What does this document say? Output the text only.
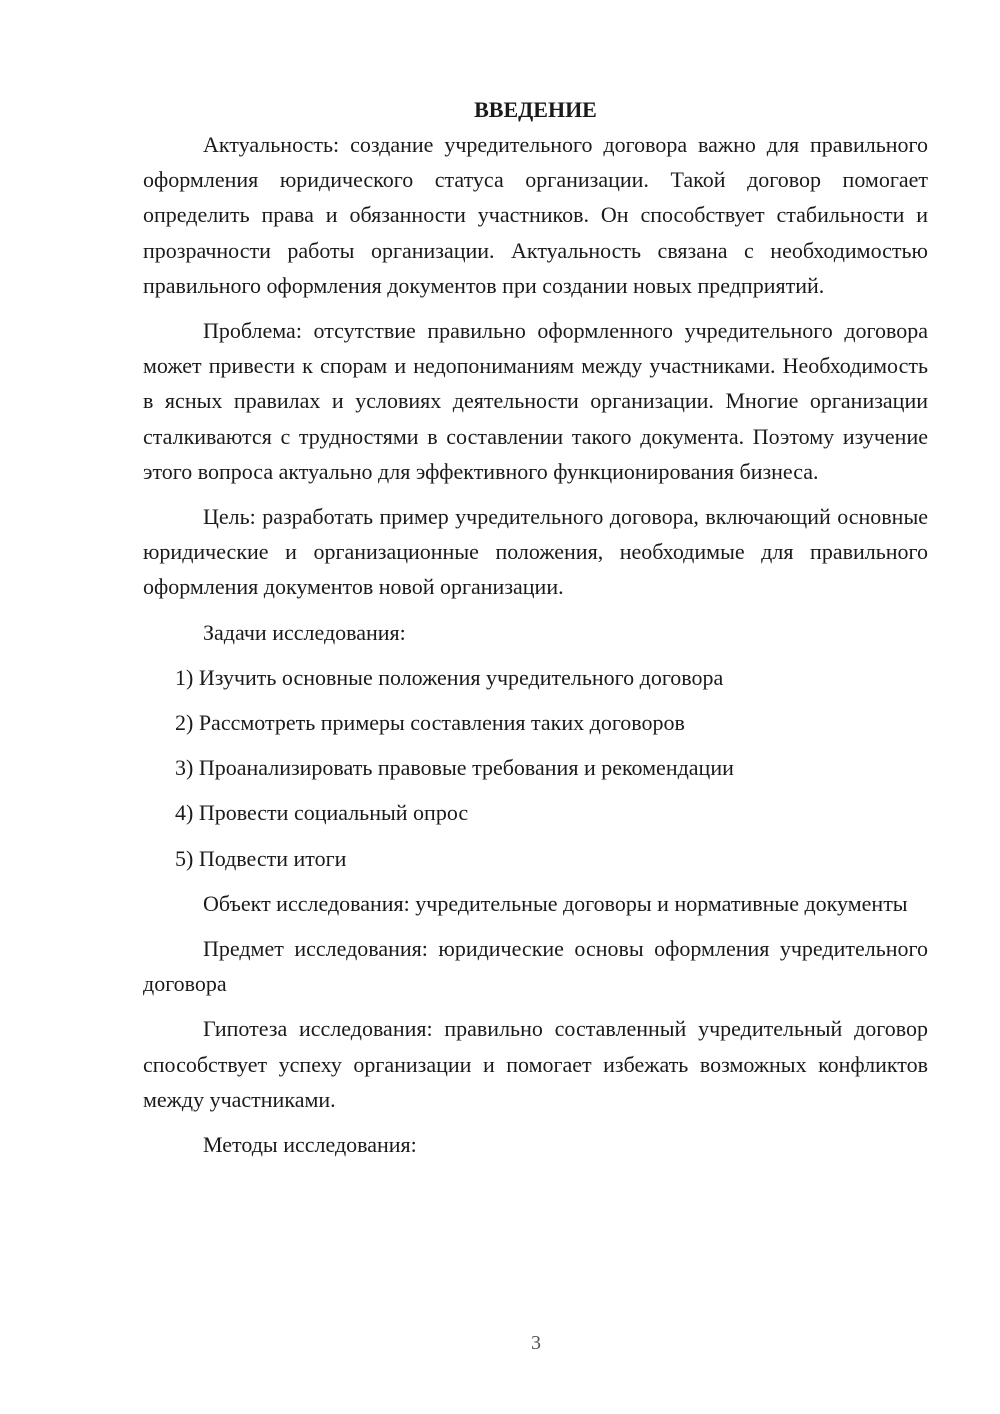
ВВЕДЕНИЕ

Актуальность: создание учредительного договора важно для правильного оформления юридического статуса организации. Такой договор помогает определить права и обязанности участников. Он способствует стабильности и прозрачности работы организации. Актуальность связана с необходимостью правильного оформления документов при создании новых предприятий.

Проблема: отсутствие правильно оформленного учредительного договора может привести к спорам и недопониманиям между участниками. Необходимость в ясных правилах и условиях деятельности организации. Многие организации сталкиваются с трудностями в составлении такого документа. Поэтому изучение этого вопроса актуально для эффективного функционирования бизнеса.

Цель: разработать пример учредительного договора, включающий основные юридические и организационные положения, необходимые для правильного оформления документов новой организации.

Задачи исследования:

1) Изучить основные положения учредительного договора
2) Рассмотреть примеры составления таких договоров
3) Проанализировать правовые требования и рекомендации
4) Провести социальный опрос
5) Подвести итоги

Объект исследования: учредительные договоры и нормативные документы

Предмет исследования: юридические основы оформления учредительного договора

Гипотеза исследования: правильно составленный учредительный договор способствует успеху организации и помогает избежать возможных конфликтов между участниками.

Методы исследования:

3
